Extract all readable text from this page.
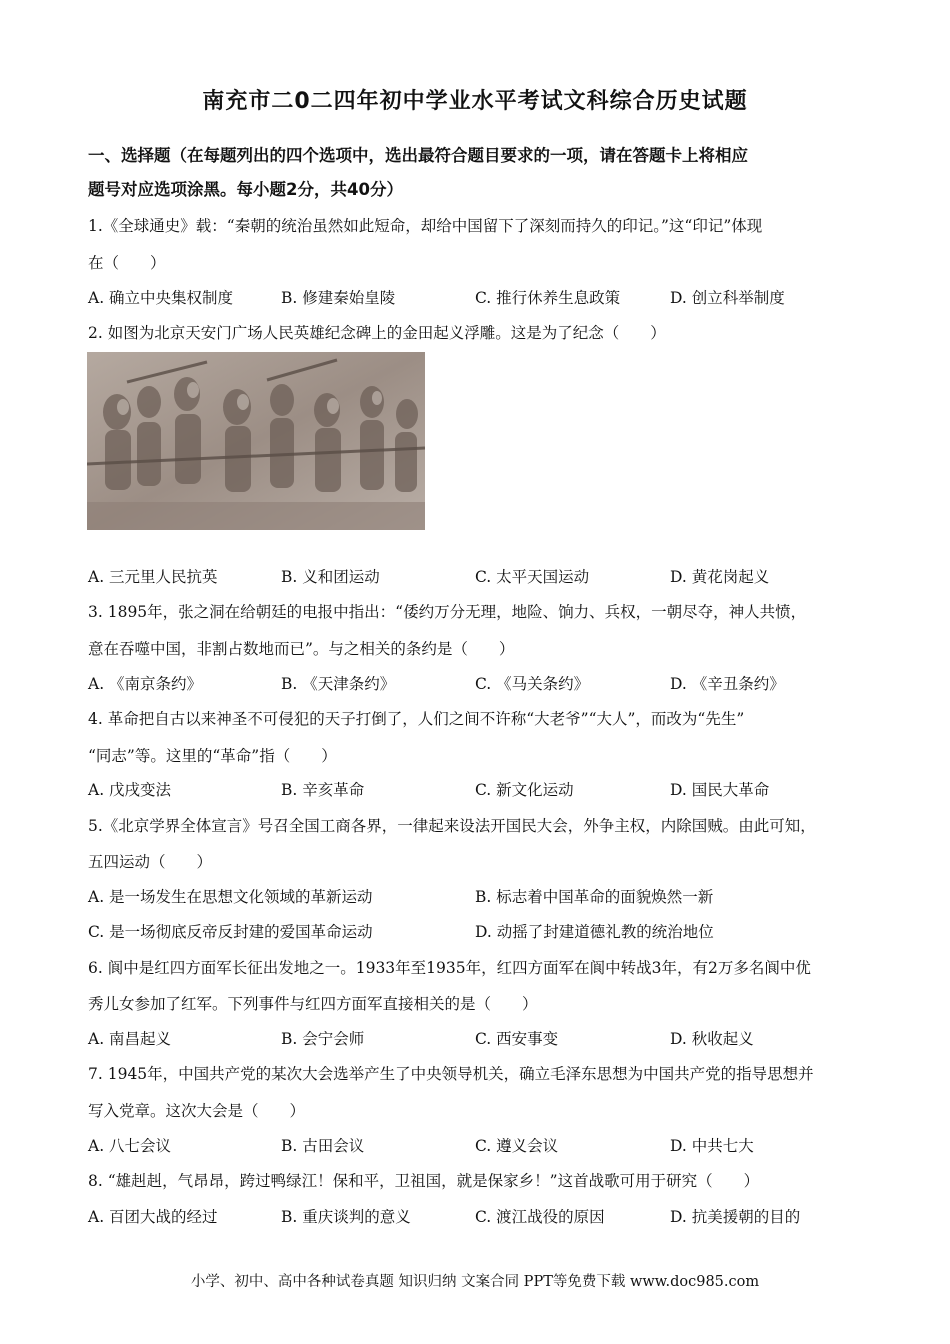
南充市二0二四年初中学业水平考试文科综合历史试题
一、选择题（在每题列出的四个选项中，选出最符合题目要求的一项，请在答题卡上将相应
题号对应选项涂黑。每小题2分，共40分）
1.《全球通史》载：“秦朝的统治虽然如此短命，却给中国留下了深刻而持久的印记。”这“印记”体现
在（　　）
A. 确立中央集权制度	B. 修建秦始皇陵	C. 推行休养生息政策	D. 创立科举制度
2. 如图为北京天安门广场人民英雄纪念碑上的金田起义浮雕。这是为了纪念（　　）
A. 三元里人民抗英	B. 义和团运动	C. 太平天国运动	D. 黄花岗起义
3. 1895年，张之洞在给朝廷的电报中指出：“倭约万分无理，地险、饷力、兵权，一朝尽夺，神人共愤，
意在吞噬中国，非割占数地而已”。与之相关的条约是（　　）
A. 《南京条约》	B. 《天津条约》	C. 《马关条约》	D. 《辛丑条约》
4. 革命把自古以来神圣不可侵犯的天子打倒了，人们之间不许称“大老爷”“大人”，而改为“先生”
“同志”等。这里的“革命”指（　　）
A. 戊戌变法	B. 辛亥革命	C. 新文化运动	D. 国民大革命
5.《北京学界全体宣言》号召全国工商各界，一律起来设法开国民大会，外争主权，内除国贼。由此可知，
五四运动（　　）
A. 是一场发生在思想文化领域的革新运动	B. 标志着中国革命的面貌焕然一新
C. 是一场彻底反帝反封建的爱国革命运动	D. 动摇了封建道德礼教的统治地位
6. 阆中是红四方面军长征出发地之一。1933年至1935年，红四方面军在阆中转战3年，有2万多名阆中优
秀儿女参加了红军。下列事件与红四方面军直接相关的是（　　）
A. 南昌起义	B. 会宁会师	C. 西安事变	D. 秋收起义
7. 1945年，中国共产党的某次大会选举产生了中央领导机关，确立毛泽东思想为中国共产党的指导思想并
写入党章。这次大会是（　　）
A. 八七会议	B. 古田会议	C. 遵义会议	D. 中共七大
8. “雄赳赳，气昂昂，跨过鸭绿江！保和平，卫祖国，就是保家乡！”这首战歌可用于研究（　　）
A. 百团大战的经过	B. 重庆谈判的意义	C. 渡江战役的原因	D. 抗美援朝的目的
小学、初中、高中各种试卷真题 知识归纳 文案合同 PPT等免费下载 www.doc985.com
